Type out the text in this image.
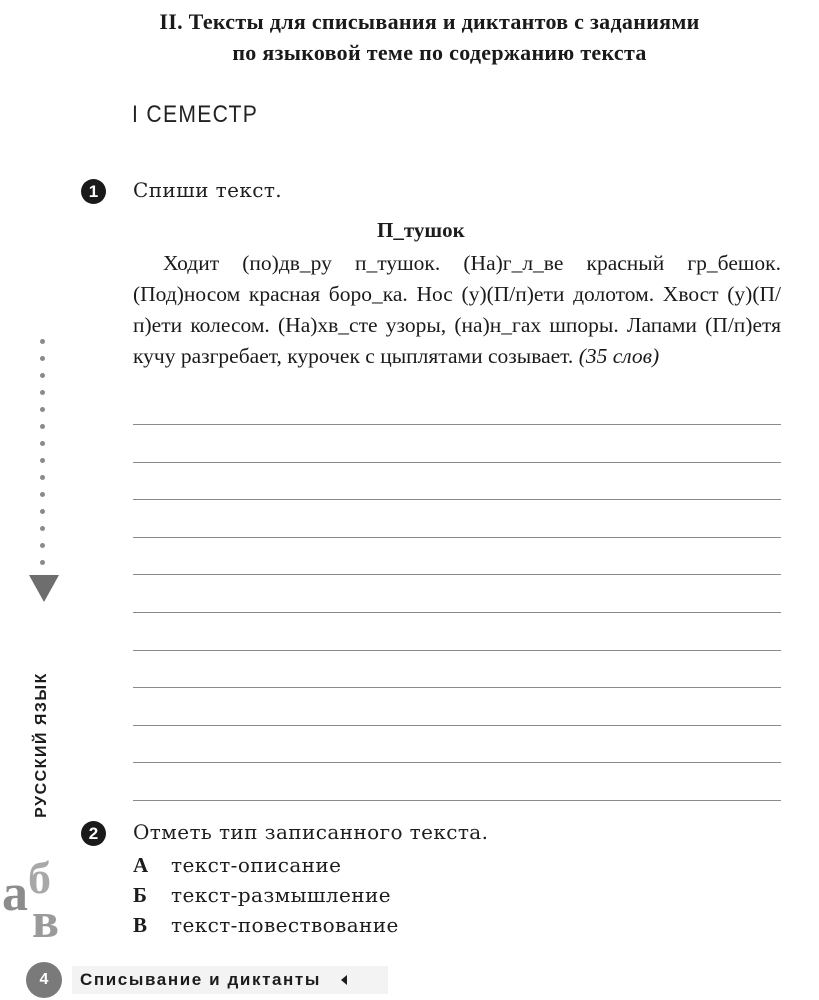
II. Тексты для списывания и диктантов с заданиями
по языковой теме по содержанию текста
I СЕМЕСТР
1 Спиши текст.
П_тушок
Ходит (по)дв_ру п_тушок. (На)г_л_ве красный гр_бешок. (Под)носом красная боро_ка. Нос (у)(П/п)ети долотом. Хвост (у)(П/п)ети колесом. (На)хв_сте узоры, (на)н_гах шпоры. Лапами (П/п)етя кучу разгребает, курочек с цыплятами созывает. (35 слов)
РУССКИЙ ЯЗЫК
а б
в
2 Отметь тип записанного текста.
А текст-описание
Б текст-размышление
В текст-повествование
4	Списывание и диктанты
